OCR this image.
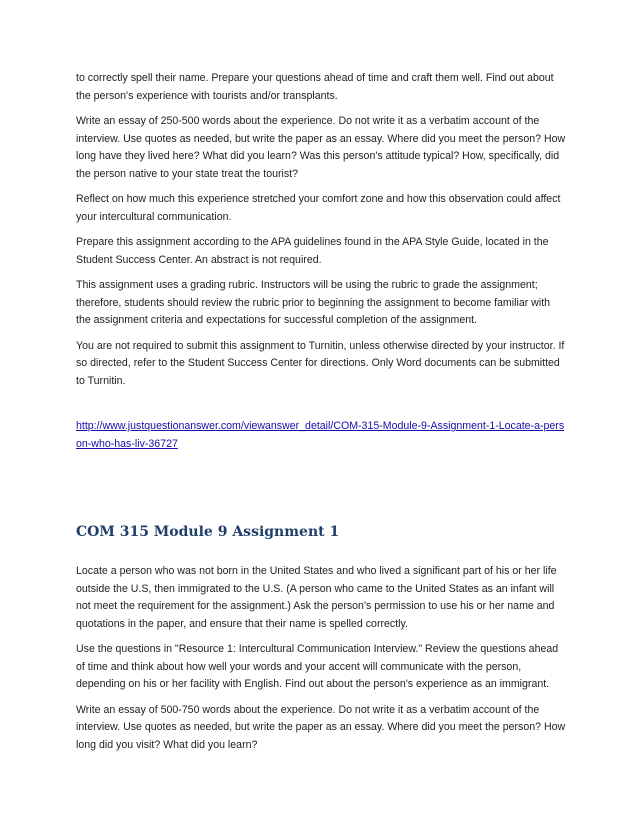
to correctly spell their name. Prepare your questions ahead of time and craft them well. Find out about the person's experience with tourists and/or transplants.

Write an essay of 250-500 words about the experience. Do not write it as a verbatim account of the interview. Use quotes as needed, but write the paper as an essay. Where did you meet the person? How long have they lived here? What did you learn? Was this person's attitude typical? How, specifically, did the person native to your state treat the tourist?

Reflect on how much this experience stretched your comfort zone and how this observation could affect your intercultural communication.

Prepare this assignment according to the APA guidelines found in the APA Style Guide, located in the Student Success Center. An abstract is not required.

This assignment uses a grading rubric. Instructors will be using the rubric to grade the assignment; therefore, students should review the rubric prior to beginning the assignment to become familiar with the assignment criteria and expectations for successful completion of the assignment.

You are not required to submit this assignment to Turnitin, unless otherwise directed by your instructor. If so directed, refer to the Student Success Center for directions. Only Word documents can be submitted to Turnitin.

http://www.justquestionanswer.com/viewanswer_detail/COM-315-Module-9-Assignment-1-Locate-a-person-who-has-liv-36727
COM 315 Module 9 Assignment 1

Locate a person who was not born in the United States and who lived a significant part of his or her life outside the U.S, then immigrated to the U.S. (A person who came to the United States as an infant will not meet the requirement for the assignment.) Ask the person's permission to use his or her name and quotations in the paper, and ensure that their name is spelled correctly.

Use the questions in "Resource 1: Intercultural Communication Interview." Review the questions ahead of time and think about how well your words and your accent will communicate with the person, depending on his or her facility with English. Find out about the person's experience as an immigrant.

Write an essay of 500-750 words about the experience. Do not write it as a verbatim account of the interview. Use quotes as needed, but write the paper as an essay. Where did you meet the person? How long did you visit? What did you learn?
